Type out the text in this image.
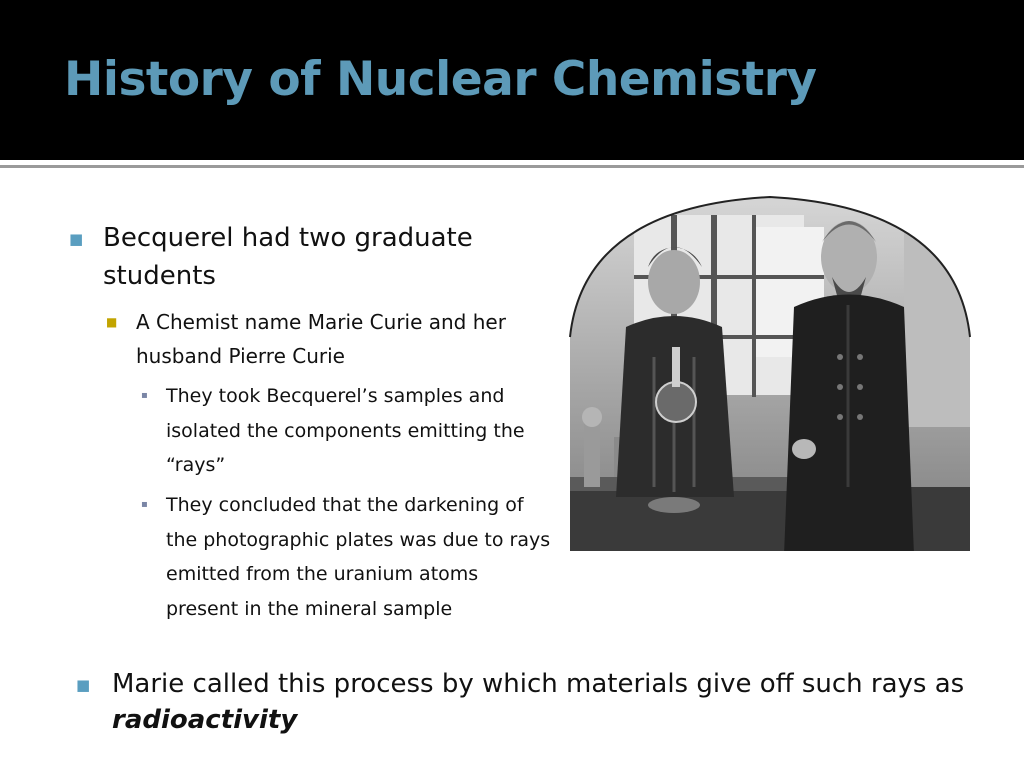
History of Nuclear Chemistry
■ Becquerel had two graduate students
■ A Chemist name Marie Curie and her husband Pierre Curie
▪ They took Becquerel’s samples and isolated the components emitting the “rays”
▪ They concluded that the darkening of the photographic plates was due to rays emitted from the uranium atoms present in the mineral sample
■ Marie called this process by which materials give off such rays as radioactivity
